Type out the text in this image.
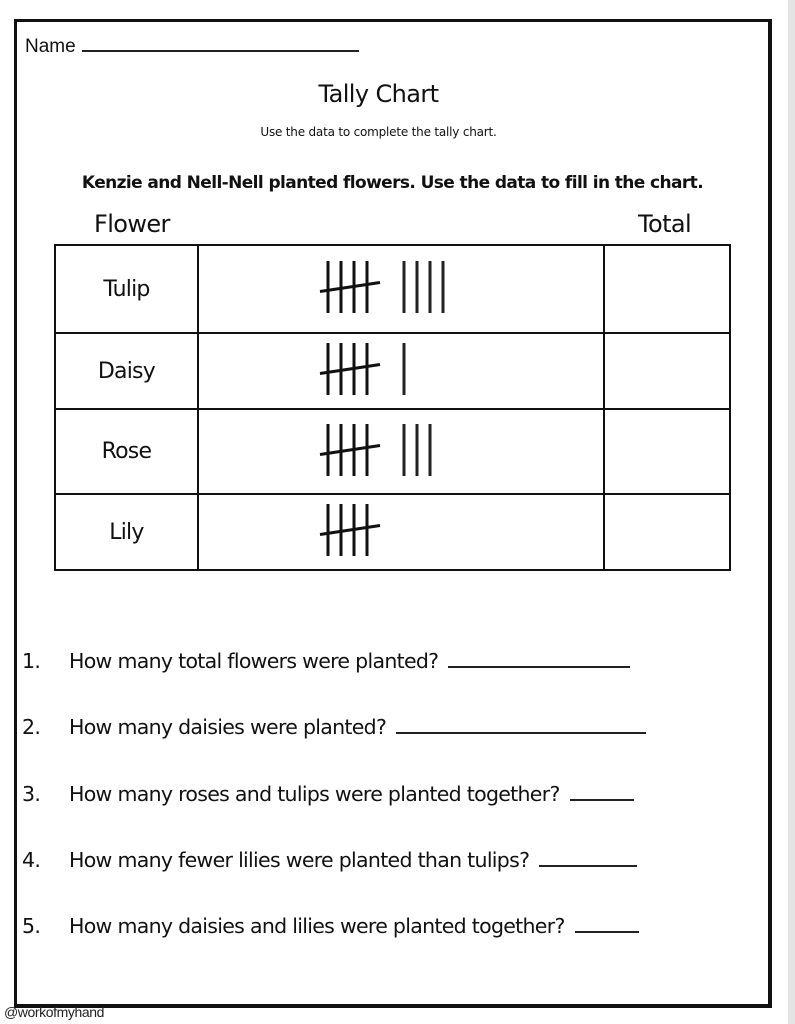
Name
Tally Chart
Use the data to complete the tally chart.
Kenzie and Nell-Nell planted flowers. Use the data to fill in the chart.
Flower	Total
Tulip	

Daisy	

Rose	

Lily	

1. How many total flowers were planted?
2. How many daisies were planted?
3. How many roses and tulips were planted together?
4. How many fewer lilies were planted than tulips?
5. How many daisies and lilies were planted together?
@workofmyhand
